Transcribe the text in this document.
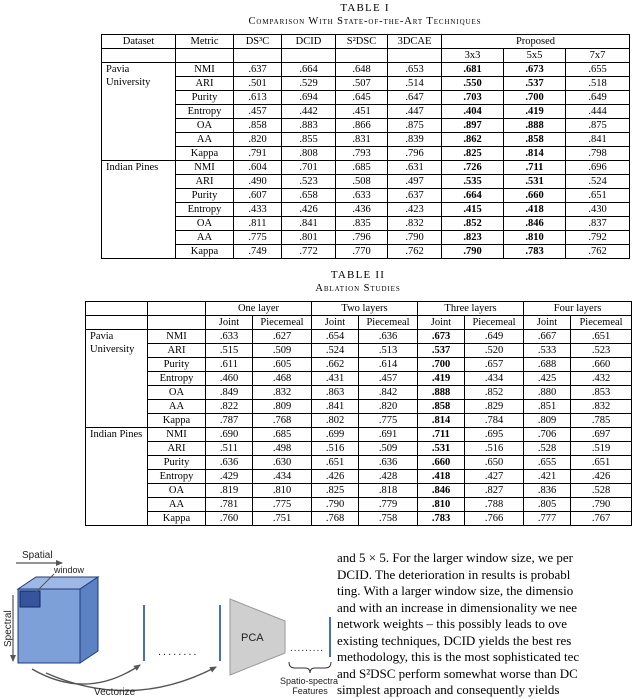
TABLE I
Comparison With State-of-the-Art Techniques
Dataset	Metric	DS³C	DCID	S²DSC	3DCAE	Proposed		
						3x3	5x5	7x7
Pavia University	NMI	.637	.664	.648	.653	.681	.673	.655
	ARI	.501	.529	.507	.514	.550	.537	.518
	Purity	.613	.694	.645	.647	.703	.700	.649
	Entropy	.457	.442	.451	.447	.404	.419	.444
	OA	.858	.883	.866	.875	.897	.888	.875
	AA	.820	.855	.831	.839	.862	.858	.841
	Kappa	.791	.808	.793	.796	.825	.814	.798
Indian Pines	NMI	.604	.701	.685	.631	.726	.711	.696
	ARI	.490	.523	.508	.497	.535	.531	.524
	Purity	.607	.658	.633	.637	.664	.660	.651
	Entropy	.433	.426	.436	.423	.415	.418	.430
	OA	.811	.841	.835	.832	.852	.846	.837
	AA	.775	.801	.796	.790	.823	.810	.792
	Kappa	.749	.772	.770	.762	.790	.783	.762
TABLE II
Ablation Studies
		One layer		Two layers		Three layers		Four layers	
		Joint	Piecemeal	Joint	Piecemeal	Joint	Piecemeal	Joint	Piecemeal
Pavia University	NMI	.633	.627	.654	.636	.673	.649	.667	.651
	ARI	.515	.509	.524	.513	.537	.520	.533	.523
	Purity	.611	.605	.662	.614	.700	.657	.688	.660
	Entropy	.460	.468	.431	.457	.419	.434	.425	.432
	OA	.849	.832	.863	.842	.888	.852	.880	.853
	AA	.822	.809	.841	.820	.858	.829	.851	.832
	Kappa	.787	.768	.802	.775	.814	.784	.809	.785
Indian Pines	NMI	.690	.685	.699	.691	.711	.695	.706	.697
	ARI	.511	.498	.516	.509	.531	.516	.528	.519
	Purity	.636	.630	.651	.636	.660	.650	.655	.651
	Entropy	.429	.434	.426	.428	.418	.427	.421	.426
	OA	.819	.810	.825	.818	.846	.827	.836	.528
	AA	.781	.775	.790	.779	.810	.788	.805	.790
	Kappa	.760	.751	.768	.758	.783	.766	.777	.767
Spatial
Spectral
window
........
PCA
.........
Spatio-spectral
Features
Vectorize
and 5 × 5. For the larger window size, we per
DCID. The deterioration in results is probabl
ting. With a larger window size, the dimensio
and with an increase in dimensionality we nee
network weights – this possibly leads to ove
existing techniques, DCID yields the best res
methodology, this is the most sophisticated tec
and S²DSC perform somewhat worse than DC
simplest approach and consequently yields
